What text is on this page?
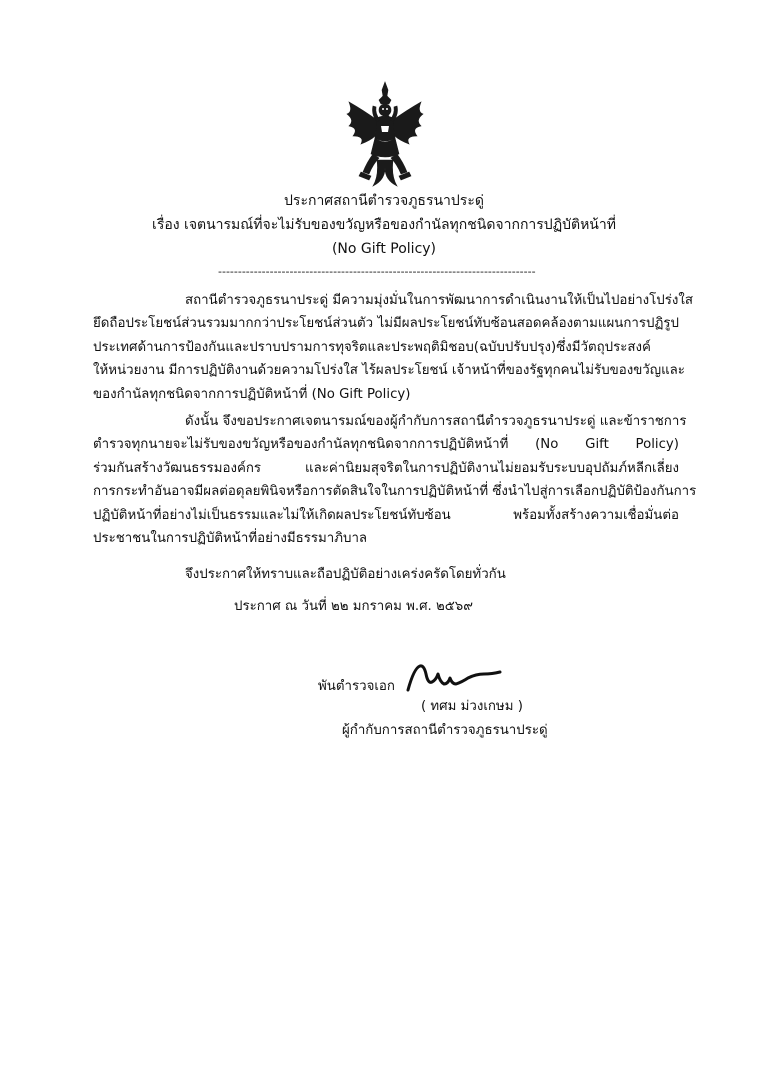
ประกาศสถานีตำรวจภูธรนาประดู่
เรื่อง เจตนารมณ์ที่จะไม่รับของขวัญหรือของกำนัลทุกชนิดจากการปฏิบัติหน้าที่
(No Gift Policy)
--------------------------------------------------------------------------------
สถานีตำรวจภูธรนาประดู่ มีความมุ่งมั่นในการพัฒนาการดำเนินงานให้เป็นไปอย่างโปร่งใส
ยึดถือประโยชน์ส่วนรวมมากกว่าประโยชน์ส่วนตัว ไม่มีผลประโยชน์ทับซ้อนสอดคล้องตามแผนการปฏิรูป
ประเทศด้านการป้องกันและปราบปรามการทุจริตและประพฤติมิชอบ(ฉบับปรับปรุง)ซึ่งมีวัตถุประสงค์
ให้หน่วยงาน มีการปฏิบัติงานด้วยความโปร่งใส ไร้ผลประโยชน์ เจ้าหน้าที่ของรัฐทุกคนไม่รับของขวัญและ
ของกำนัลทุกชนิดจากการปฏิบัติหน้าที่ (No Gift Policy)
ดังนั้น จึงขอประกาศเจตนารมณ์ของผู้กำกับการสถานีตำรวจภูธรนาประดู่ และข้าราชการ
ตำรวจทุกนายจะไม่รับของขวัญหรือของกำนัลทุกชนิดจากการปฏิบัติหน้าที่ (No Gift Policy)
ร่วมกันสร้างวัฒนธรรมองค์กร และค่านิยมสุจริตในการปฏิบัติงานไม่ยอมรับระบบอุปถัมภ์หลีกเลี่ยง
การกระทำอันอาจมีผลต่อดุลยพินิจหรือการตัดสินใจในการปฏิบัติหน้าที่ ซึ่งนำไปสู่การเลือกปฏิบัติป้องกันการ
ปฏิบัติหน้าที่อย่างไม่เป็นธรรมและไม่ให้เกิดผลประโยชน์ทับซ้อน พร้อมทั้งสร้างความเชื่อมั่นต่อ
ประชาชนในการปฏิบัติหน้าที่อย่างมีธรรมาภิบาล
จึงประกาศให้ทราบและถือปฏิบัติอย่างเคร่งครัดโดยทั่วกัน
ประกาศ ณ วันที่ ๒๒ มกราคม พ.ศ. ๒๕๖๙
พันตำรวจเอก
( ทศม ม่วงเกษม )
ผู้กำกับการสถานีตำรวจภูธรนาประดู่
